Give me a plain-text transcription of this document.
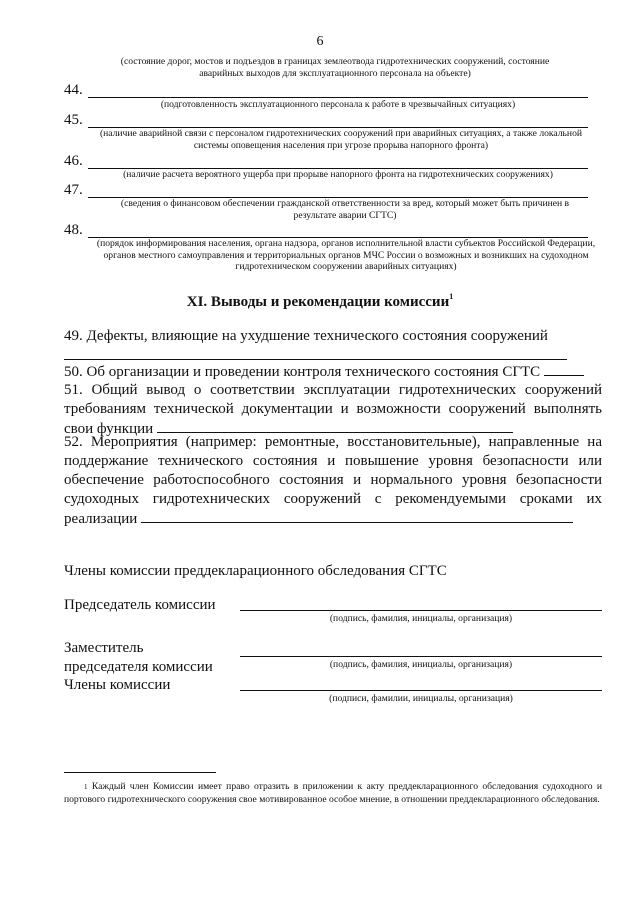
6
(состояние дорог, мостов и подъездов в границах землеотвода гидротехнических сооружений, состояние аварийных выходов для эксплуатационного персонала на объекте)
44.
(подготовленность эксплуатационного персонала к работе в чрезвычайных ситуациях)
45.
(наличие аварийной связи с персоналом гидротехнических сооружений при аварийных ситуациях, а также локальной системы оповещения населения при угрозе прорыва напорного фронта)
46.
(наличие расчета вероятного ущерба при прорыве напорного фронта на гидротехнических сооружениях)
47.
(сведения о финансовом обеспечении гражданской ответственности за вред, который может быть причинен в результате аварии СГТС)
48.
(порядок информирования населения, органа надзора, органов исполнительной власти субъектов Российской Федерации, органов местного самоуправления и территориальных органов МЧС России о возможных и возникших на судоходном гидротехническом сооружении аварийных ситуациях)
XI. Выводы и рекомендации комиссии$^1$
49. Дефекты, влияющие на ухудшение технического состояния сооружений
50. Об организации и проведении контроля технического состояния СГТС
51. Общий вывод о соответствии эксплуатации гидротехнических сооружений требованиям технической документации и возможности сооружений выполнять свои функции
52. Мероприятия (например: ремонтные, восстановительные), направленные на поддержание технического состояния и повышение уровня безопасности или обеспечение работоспособного состояния и нормального уровня безопасности судоходных гидротехнических сооружений с рекомендуемыми сроками их реализации
Члены комиссии преддекларационного обследования СГТС
Председатель комиссии
(подпись, фамилия, инициалы, организация)
Заместитель
председателя комиссии	(подпись, фамилия, инициалы, организация)
Члены комиссии
(подписи, фамилии, инициалы, организация)
$^1$ Каждый член Комиссии имеет право отразить в приложении к акту преддекларационного обследования судоходного и портового гидротехнического сооружения свое мотивированное особое мнение, в отношении преддекларационного обследования.
